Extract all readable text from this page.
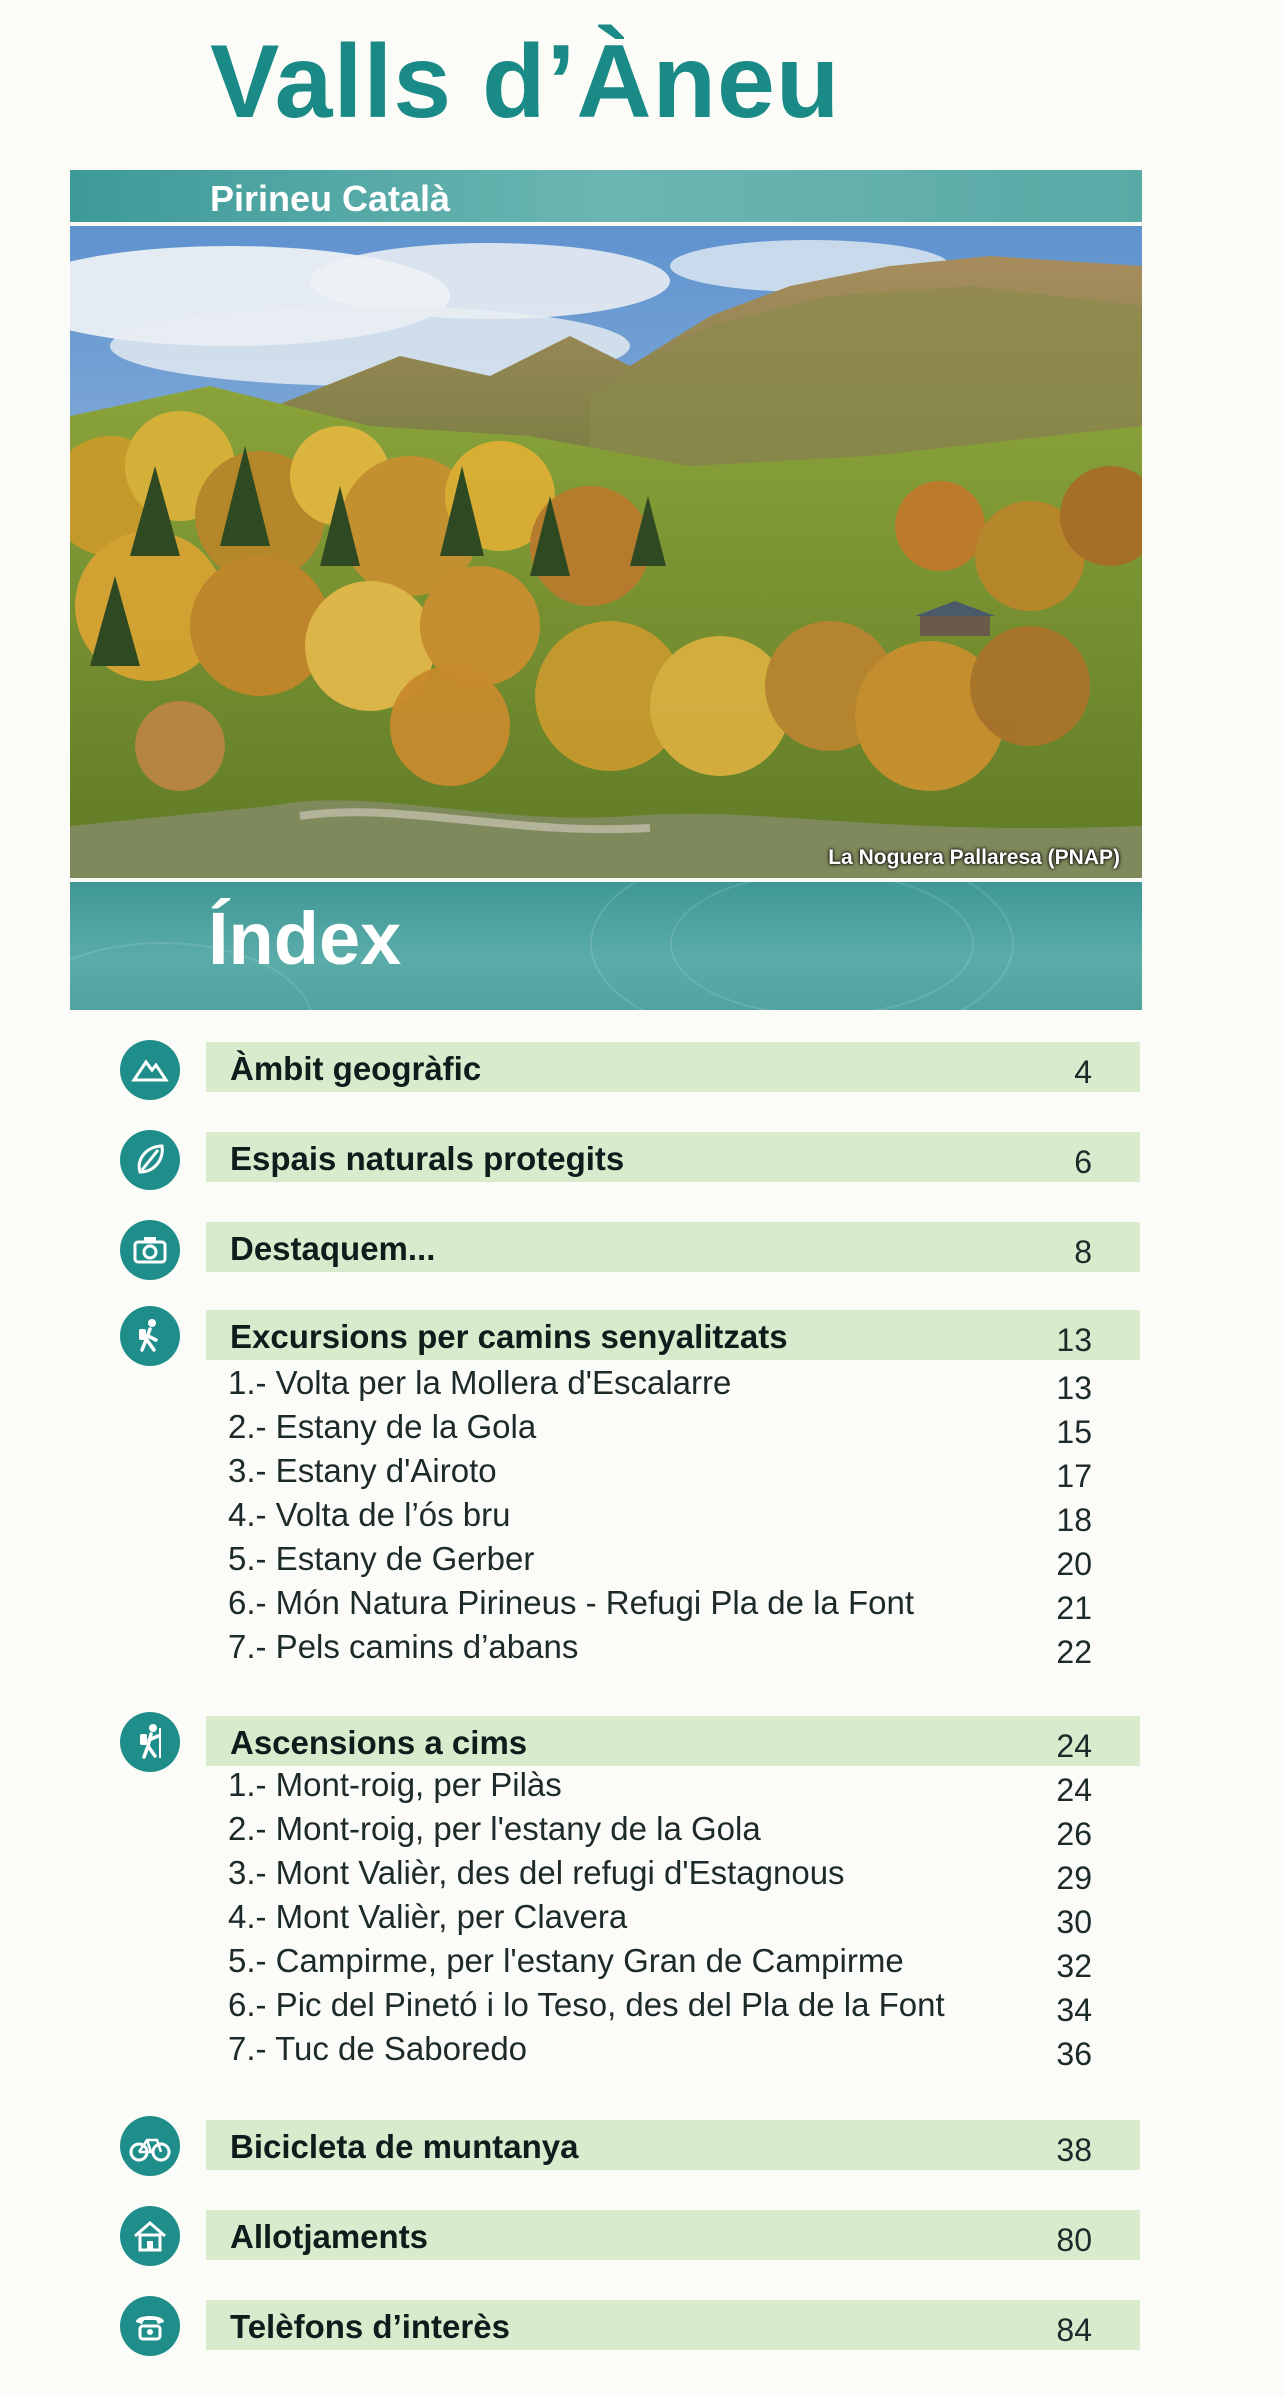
Valls d’Àneu
Pirineu Català
La Noguera Pallaresa (PNAP)
Índex
Àmbit geogràfic	4
Espais naturals protegits	6
Destaquem...	8
Excursions per camins senyalitzats	13
1.- Volta per la Mollera d'Escalarre	13
2.- Estany de la Gola	15
3.- Estany d'Airoto	17
4.- Volta de l’ós bru	18
5.- Estany de Gerber	20
6.- Món Natura Pirineus - Refugi Pla de la Font	21
7.- Pels camins d’abans	22
Ascensions a cims	24
1.- Mont-roig, per Pilàs	24
2.- Mont-roig, per l'estany de la Gola	26
3.- Mont Valièr, des del refugi d'Estagnous	29
4.- Mont Valièr, per Clavera	30
5.- Campirme, per l'estany Gran de Campirme	32
6.- Pic del Pinetó i lo Teso, des del Pla de la Font	34
7.- Tuc de Saboredo	36
Bicicleta de muntanya	38
Allotjaments	80
Telèfons d’interès	84
